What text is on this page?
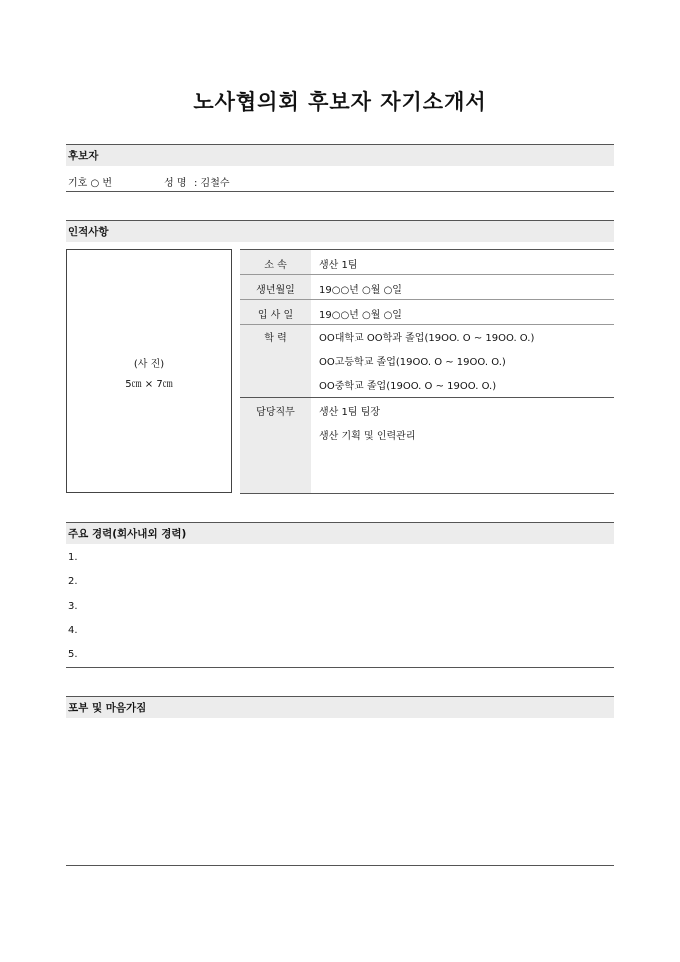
노사협의회 후보자 자기소개서
후보자
기호 ○ 번	성 명 : 김철수
인적사항
(사 진)
5㎝ × 7㎝
소 속	생산 1팀
생년월일	19○○년 ○월 ○일
입 사 일	19○○년 ○월 ○일
학 력	OO대학교 OO학과 졸업(19OO. O ~ 19OO. O.)
OO고등학교 졸업(19OO. O ~ 19OO. O.)
OO중학교 졸업(19OO. O ~ 19OO. O.)
담당직무	생산 1팀 팀장
생산 기획 및 인력관리
주요 경력(회사내외 경력)
1.
2.
3.
4.
5.
포부 및 마음가짐
